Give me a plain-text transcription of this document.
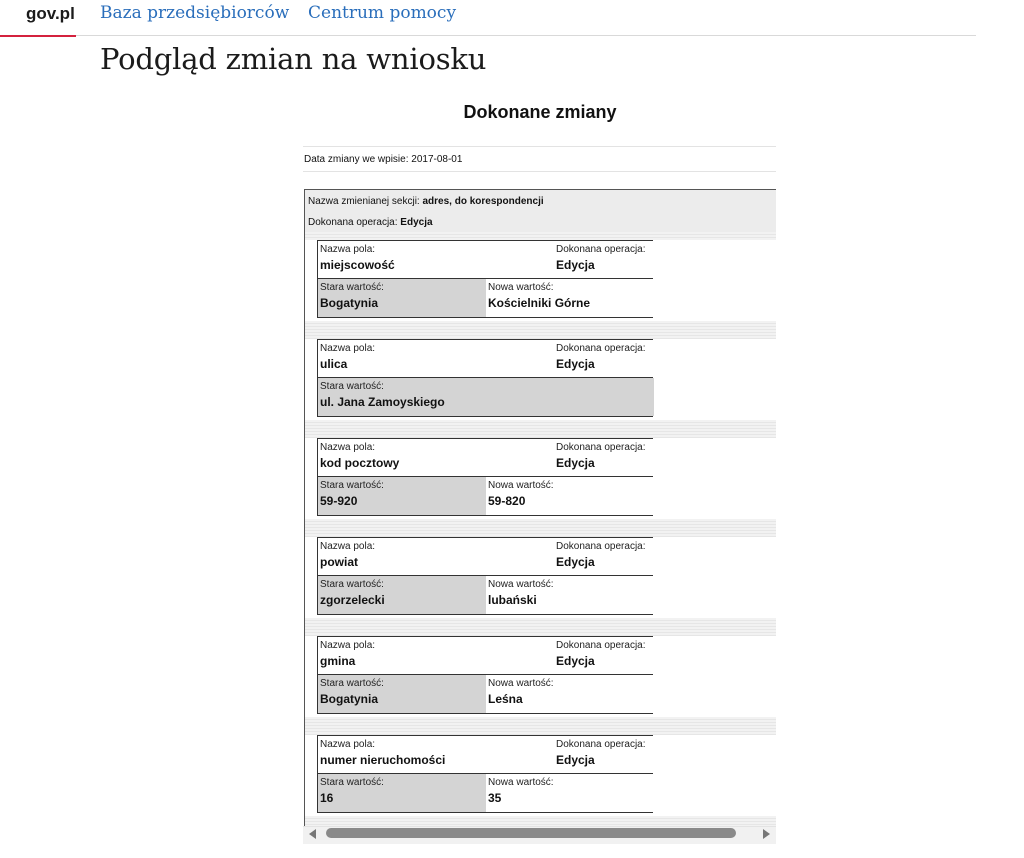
gov.pl Baza przedsiębiorców Centrum pomocy
Podgląd zmian na wniosku
Dokonane zmiany
Data zmiany we wpisie: 2017-08-01
Nazwa zmienianej sekcji: adres, do korespondencji
Dokonana operacja: Edycja
Nazwa pola:
miejscowość
Dokonana operacja:
Edycja
Stara wartość:
Bogatynia
Nowa wartość:
Kościelniki Górne
Nazwa pola:
ulica
Dokonana operacja:
Edycja
Stara wartość:
ul. Jana Zamoyskiego
Nazwa pola:
kod pocztowy
Dokonana operacja:
Edycja
Stara wartość:
59-920
Nowa wartość:
59-820
Nazwa pola:
powiat
Dokonana operacja:
Edycja
Stara wartość:
zgorzelecki
Nowa wartość:
lubański
Nazwa pola:
gmina
Dokonana operacja:
Edycja
Stara wartość:
Bogatynia
Nowa wartość:
Leśna
Nazwa pola:
numer nieruchomości
Dokonana operacja:
Edycja
Stara wartość:
16
Nowa wartość:
35
